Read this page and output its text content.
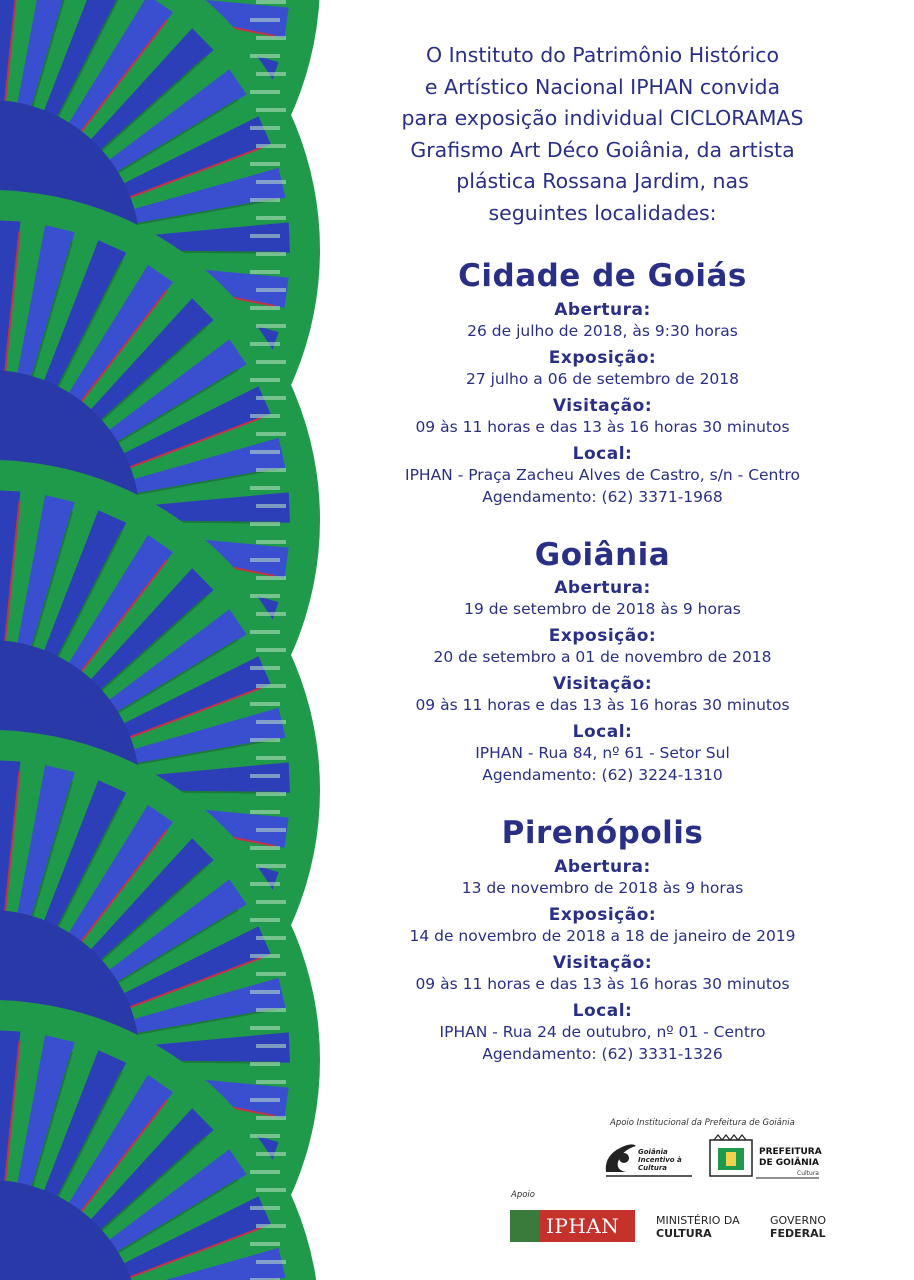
O Instituto do Patrimônio Histórico
e Artístico Nacional IPHAN convida
para exposição individual CICLORAMAS
Grafismo Art Déco Goiânia, da artista
plástica Rossana Jardim, nas
seguintes localidades:

Cidade de Goiás

Abertura:

26 de julho de 2018, às 9:30 horas

Exposição:

27 julho a 06 de setembro de 2018

Visitação:

09 às 11 horas e das 13 às 16 horas 30 minutos

Local:

IPHAN - Praça Zacheu Alves de Castro, s/n - Centro

Agendamento: (62) 3371-1968

Goiânia

Abertura:

19 de setembro de 2018 às 9 horas

Exposição:

20 de setembro a 01 de novembro de 2018

Visitação:

09 às 11 horas e das 13 às 16 horas 30 minutos

Local:

IPHAN - Rua 84, nº 61 - Setor Sul

Agendamento: (62) 3224-1310

Pirenópolis

Abertura:

13 de novembro de 2018 às 9 horas

Exposição:

14 de novembro de 2018 a 18 de janeiro de 2019

Visitação:

09 às 11 horas e das 13 às 16 horas 30 minutos

Local:

IPHAN - Rua 24 de outubro, nº 01 - Centro

Agendamento: (62) 3331-1326

Apoio Institucional da Prefeitura de Goiânia
Goiânia Incentivo à Cultura
PREFEITURA
DE GOIÂNIA
Cultura
Apoio
IPHAN	MINISTÉRIO DA
CULTURA
GOVERNO
FEDERAL
